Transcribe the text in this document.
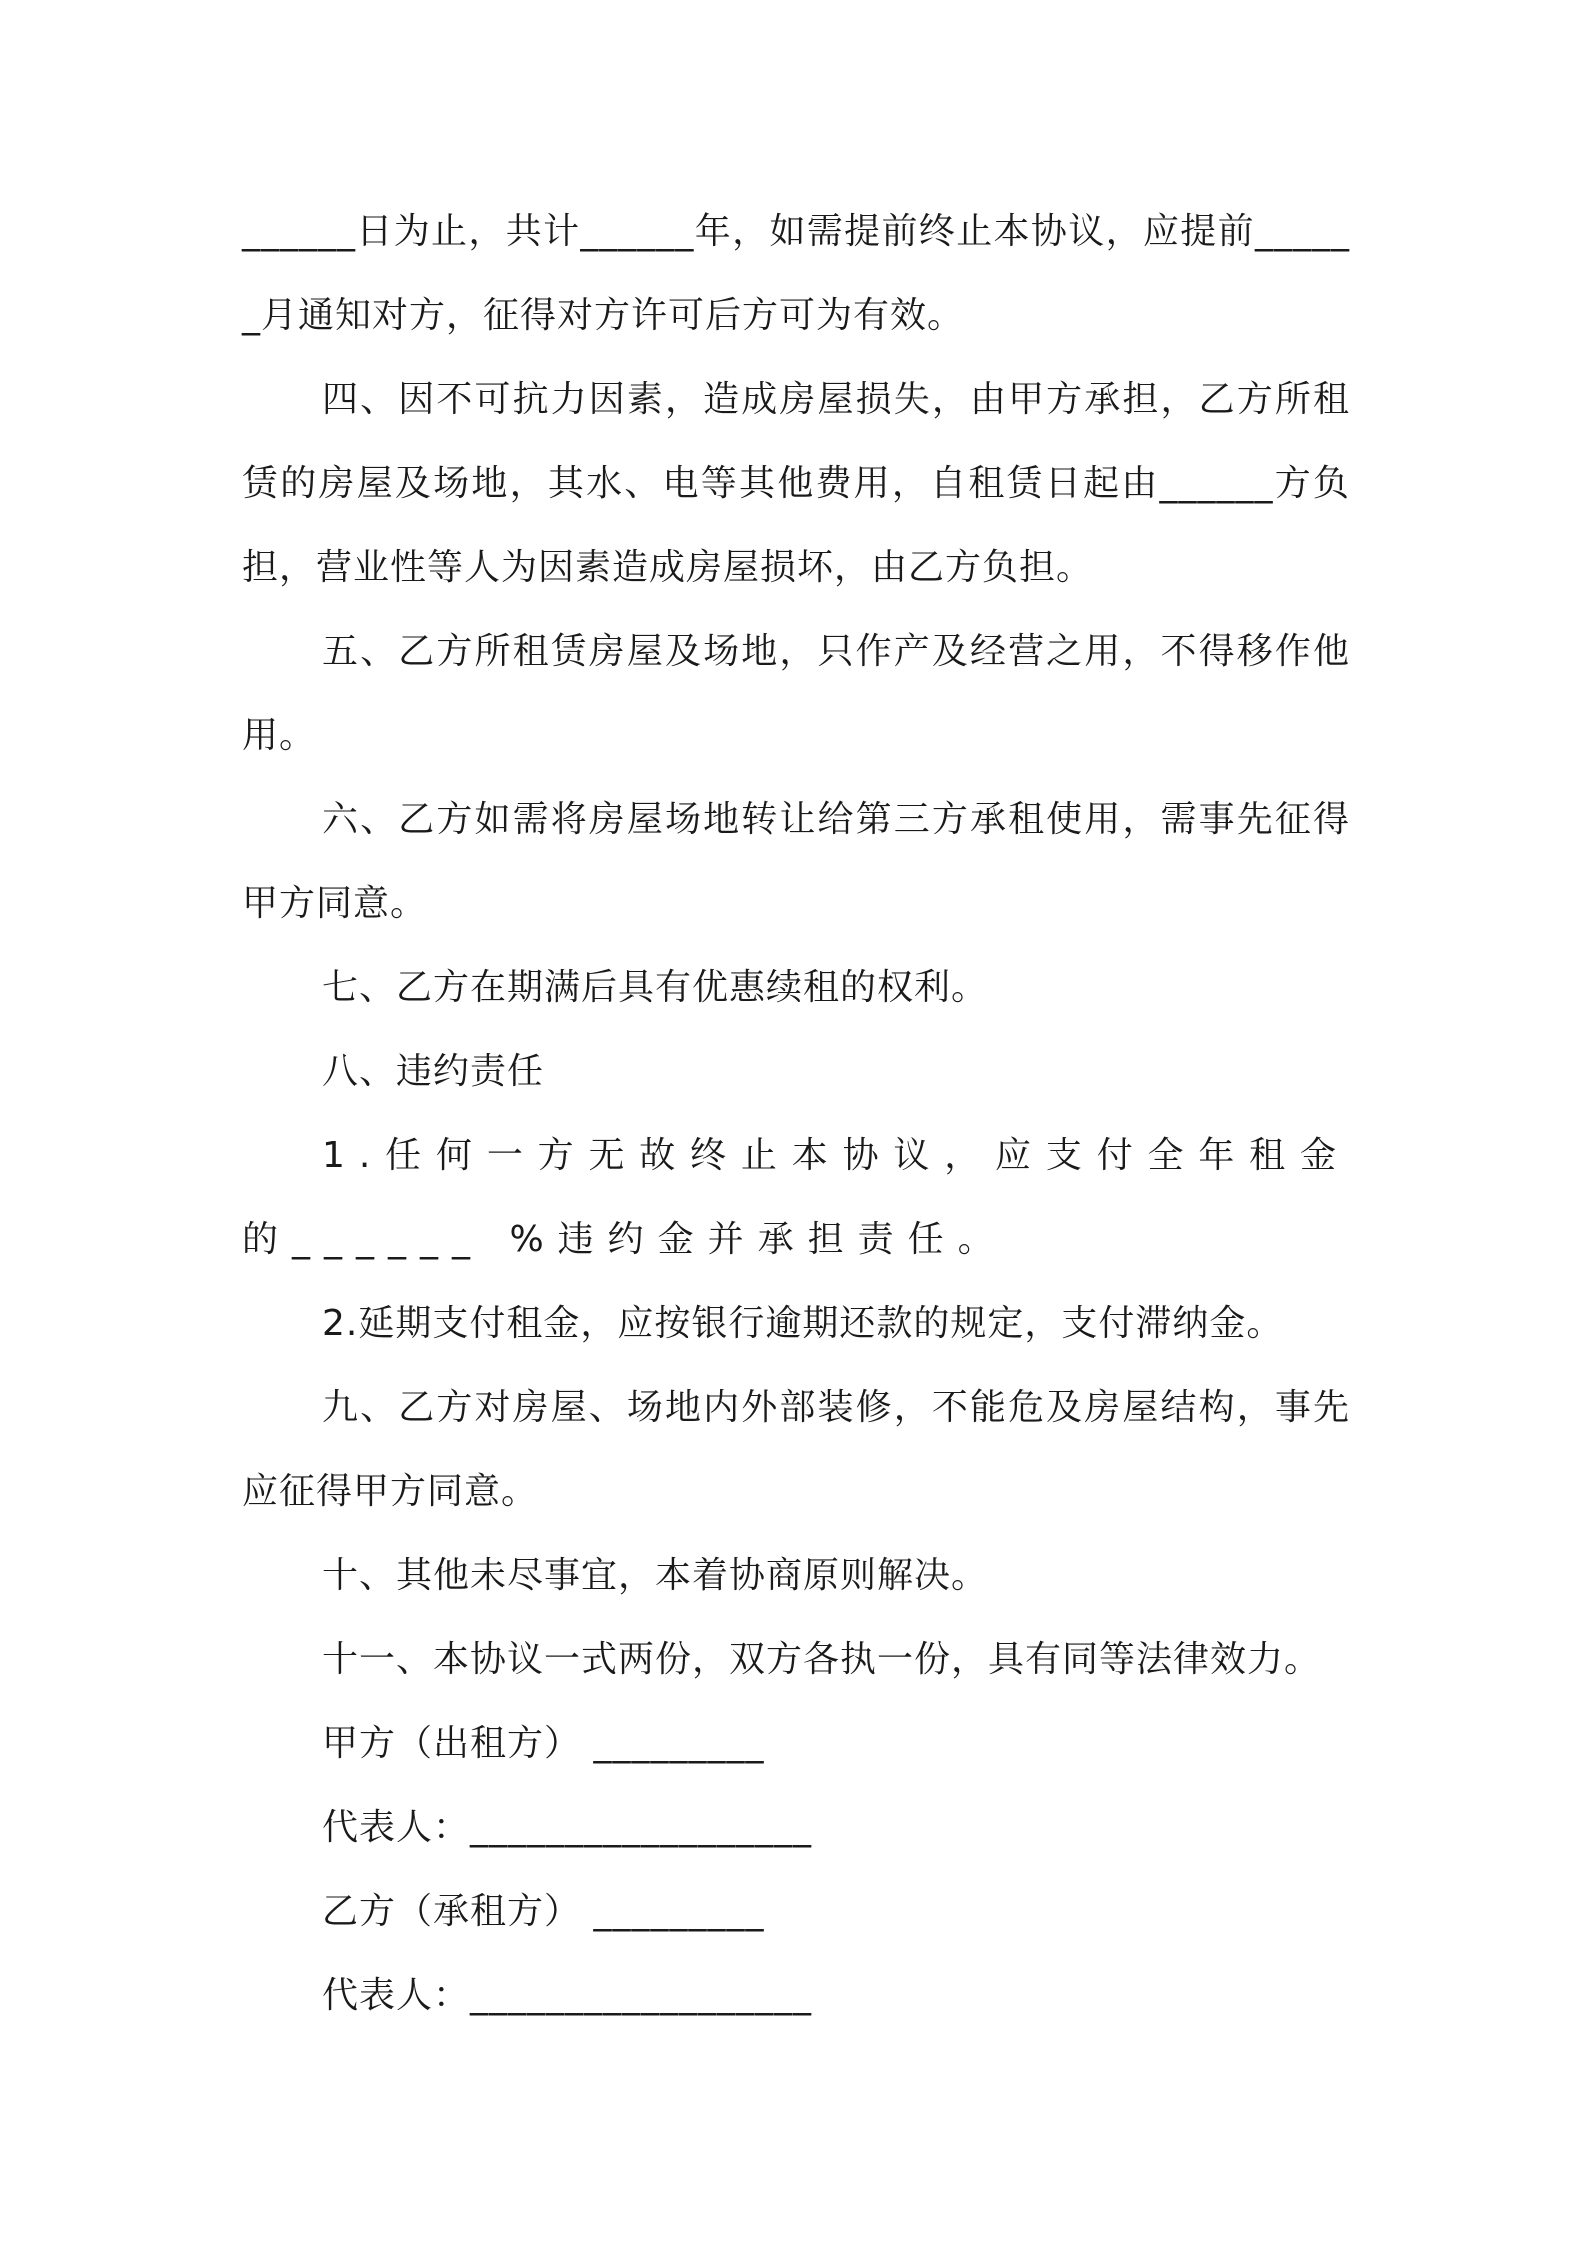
______日为止，共计______年，如需提前终止本协议，应提前______月通知对方，征得对方许可后方可为有效。

四、因不可抗力因素，造成房屋损失，由甲方承担，乙方所租赁的房屋及场地，其水、电等其他费用，自租赁日起由______方负担，营业性等人为因素造成房屋损坏，由乙方负担。

五、乙方所租赁房屋及场地，只作产及经营之用，不得移作他用。

六、乙方如需将房屋场地转让给第三方承租使用，需事先征得甲方同意。

七、乙方在期满后具有优惠续租的权利。

八、违约责任

1.任何一方无故终止本协议，应支付全年租金的______ %违约金并承担责任。

2.延期支付租金，应按银行逾期还款的规定，支付滞纳金。

九、乙方对房屋、场地内外部装修，不能危及房屋结构，事先应征得甲方同意。

十、其他未尽事宜，本着协商原则解决。

十一、本协议一式两份，双方各执一份，具有同等法律效力。

甲方（出租方） _________

代表人：__________________

乙方（承租方） _________

代表人：__________________
